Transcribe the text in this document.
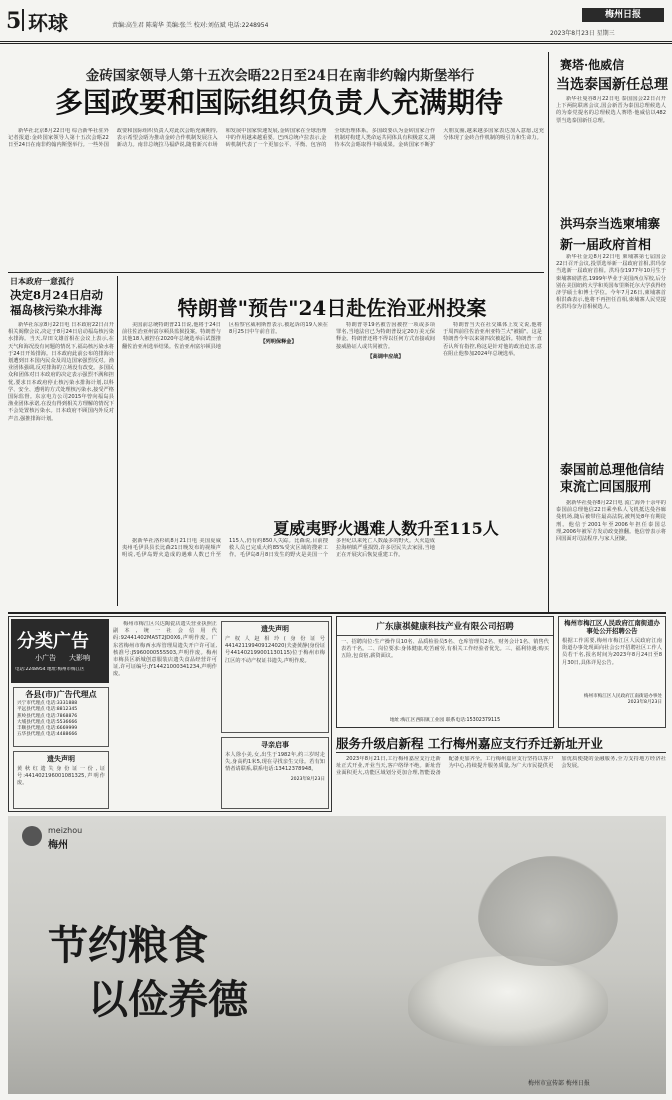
5 环球	责编:高生君 陈菊华 美编:张兰 校对:刘伍斌 电话:2248954
梅州日报
2023年8月23日 星期三
金砖国家领导人第十五次会晤22日至24日在南非约翰内斯堡举行
多国政要和国际组织负责人充满期待

新华社北京8月22日电 综合新华社驻外记者报道:金砖国家领导人第十五次会晤22日至24日在南非约翰内斯堡举行。一些外国政要和国际组织负责人对此次会晤充满期待,表示希望会晤为推动金砖合作机制发展注入新动力。南非总统拉马福萨说,随着新兴市场和发展中国家快速发展,金砖国家在全球治理中的作用越来越重要。巴西总统卢拉表示,金砖机制代表了一个更加公平、平衡、包容的全球治理体系。多国政要认为金砖国家合作机制对构建人类命运共同体具有积极意义,期待本次会晤取得丰硕成果。金砖国家不断扩大朋友圈,越来越多国家表达加入意愿,这充分体现了金砖合作机制的吸引力和生命力。

赛塔·他威信
当选泰国新任总理

新华社曼谷8月22日电 泰国国会22日召开上下两院联席会议,国会新晋为泰国总理候选人的为泰党提名的总理候选人赛塔·他威信以482票当选泰国新任总理。

洪玛奈当选柬埔寨
新一届政府首相

新华社金边8月22日电 柬埔寨第七届国会22日召开会议,投票选举新一届政府首相,洪玛奈当选新一届政府首相。洪玛奈1977年10月生于柬埔寨磅湛省,1999年毕业于美国西点军校,后分别在美国纽约大学和英国布里斯托尔大学获得经济学硕士和博士学位。今年7月26日,柬埔寨首相洪森表示,他将不再担任首相,柬埔寨人民党提名洪玛奈为首相候选人。

泰国前总理他信结束流亡回国服刑

据新华社曼谷8月22日电 流亡海外十余年的泰国前总理他信22日乘坐私人飞机抵达曼谷廊曼机场,随后被带往最高法院,被判处8年有期徒刑。他信于2001年至2006年担任泰国总理,2006年被军方发动政变推翻。他信曾表示将回国面对司法程序,与家人团聚。

日本政府一意孤行
决定8月24日启动福岛核污染水排海

新华社东京8月22日电 日本政府22日召开相关阁僚会议,决定于8月24日启动福岛核污染水排海。当天,岸田文雄首相在会议上表示,在天气和海况没有问题的情况下,福岛核污染水将于24日开始排海。日本政府此前公布的排海计划遭到日本国内民众及周边国家强烈反对。渔业团体强调,反对排海的立场没有改变。多国民众和团体对日本政府的决定表示强烈不满和担忧,要求日本政府停止核污染水排海计划,以科学、安全、透明的方式处理核污染水,接受严格国际监督。东京电力公司2015年曾向福岛县渔业团体承诺,在没有得到相关方理解的情况下不会处置核污染水。日本政府不顾国内外反对声音,强推排海计划。

特朗普"预告"24日赴佐治亚州投案

美国前总统特朗普21日说,他将于24日前往佐治亚州富尔顿县监狱投案。特朗普与其他18人被控在2020年总统选举后试图推翻佐治亚州选举结果。佐治亚州富尔顿县地区检察官威利斯曾表示,被起诉的19人须在8月25日中午前自首。

【列明保释金】

特朗普等19名被告因被控一项或多项罪名,当地法官已为特朗普设定20万美元保释金。特朗普还将不得以任何方式直接或间接威胁证人或共同被告。

【高调申应战】

特朗普当天在社交媒体上发文说,他将于周四前往佐治亚州亚特兰大"被捕"。这是特朗普今年以来第四次被起诉。特朗普一直否认所有指控,称这是针对他的政治迫害,意在阻止他参加2024年总统选举。

夏威夷野火遇难人数升至115人

据新华社洛杉矶8月21日电 美国夏威夷州毛伊县县长比森21日晚发布的视频声明说,毛伊岛野火造成的遇难人数已升至115人,仍有约850人失踪。比森说,目前搜救人员已完成大约85%受灾区域的搜索工作。毛伊岛8月8日发生的野火是美国一个多世纪以来死亡人数最多的野火。大火造成拉海纳镇严重损毁,许多居民失去家园,当地正在开展灾后恢复重建工作。

分类广告
小广告 大影响
电话:2248954 地址:梅州市梅江区
各县(市)广告代理点
兴宁市代理点 电话:3331888
平远县代理点 电话:8812345
蕉岭县代理点 电话:7868876
大埔县代理点 电话:5536666
丰顺县代理点 电话:6669999
五华县代理点 电话:4488666
遗失声明
黄秋红遗失身份证一份,证号:441402196001081325,声明作废。

梅州市梅江区兴达陶瓷店遗失营业执照正副本,统一社会信用代码:92441402MA5T2JD0X6,声明作废。广东省梅州市梅西水库管理局遗失开户许可证,核准号:J5960000555503,声明作废。梅州市梅县区新城创意服装店遗失食品经营许可证,许可证编号:JY14421000341234,声明作废。

遗失声明
产权人赵相玲(身份证号441421199409124020)夫妻黄静(身份证号441402199001130115)位于梅州市梅江区的不动产权证书遗失,声明作废。
寻亲启事
本人徐小美,女,出生于1982年,约三岁时走失,身高约1米5,现在寻找亲生父母。若有知情者请联系,联系电话:13412378948。
2023年8月23日
广东康祺健康科技产业有限公司招聘
一、招聘岗位:生产操作员10名、品质检验员5名、仓库管理员2名、财务会计1名、销售代表若干名。二、岗位要求:身体健康,吃苦耐劳,有相关工作经验者优先。三、福利待遇:购买五险,包食宿,薪资面议。
地址:梅江区西阳镇工业园 联系电话:15302379115
梅州市梅江区人民政府江南街道办事处公开招聘公告
根据工作需要,梅州市梅江区人民政府江南街道办事处现面向社会公开招聘社区工作人员若干名,报名时间为2023年8月24日至8月30日,具体详见公告。
梅州市梅江区人民政府江南街道办事处
2023年8月23日
服务升级启新程 工行梅州嘉应支行乔迁新址开业

2023年8月21日,工行梅州嘉应支行迁新址正式开业,开业当天,客户络绎不绝。新址营业面积更大,功能区域划分更加合理,智能设备配备更加齐全。工行梅州嘉应支行坚持以客户为中心,持续提升服务质量,为广大市民提供更加优质便捷的金融服务,全力支持地方经济社会发展。

meizhou
梅州
节约粮食
以俭养德
梅州市宣传部 梅州日报
